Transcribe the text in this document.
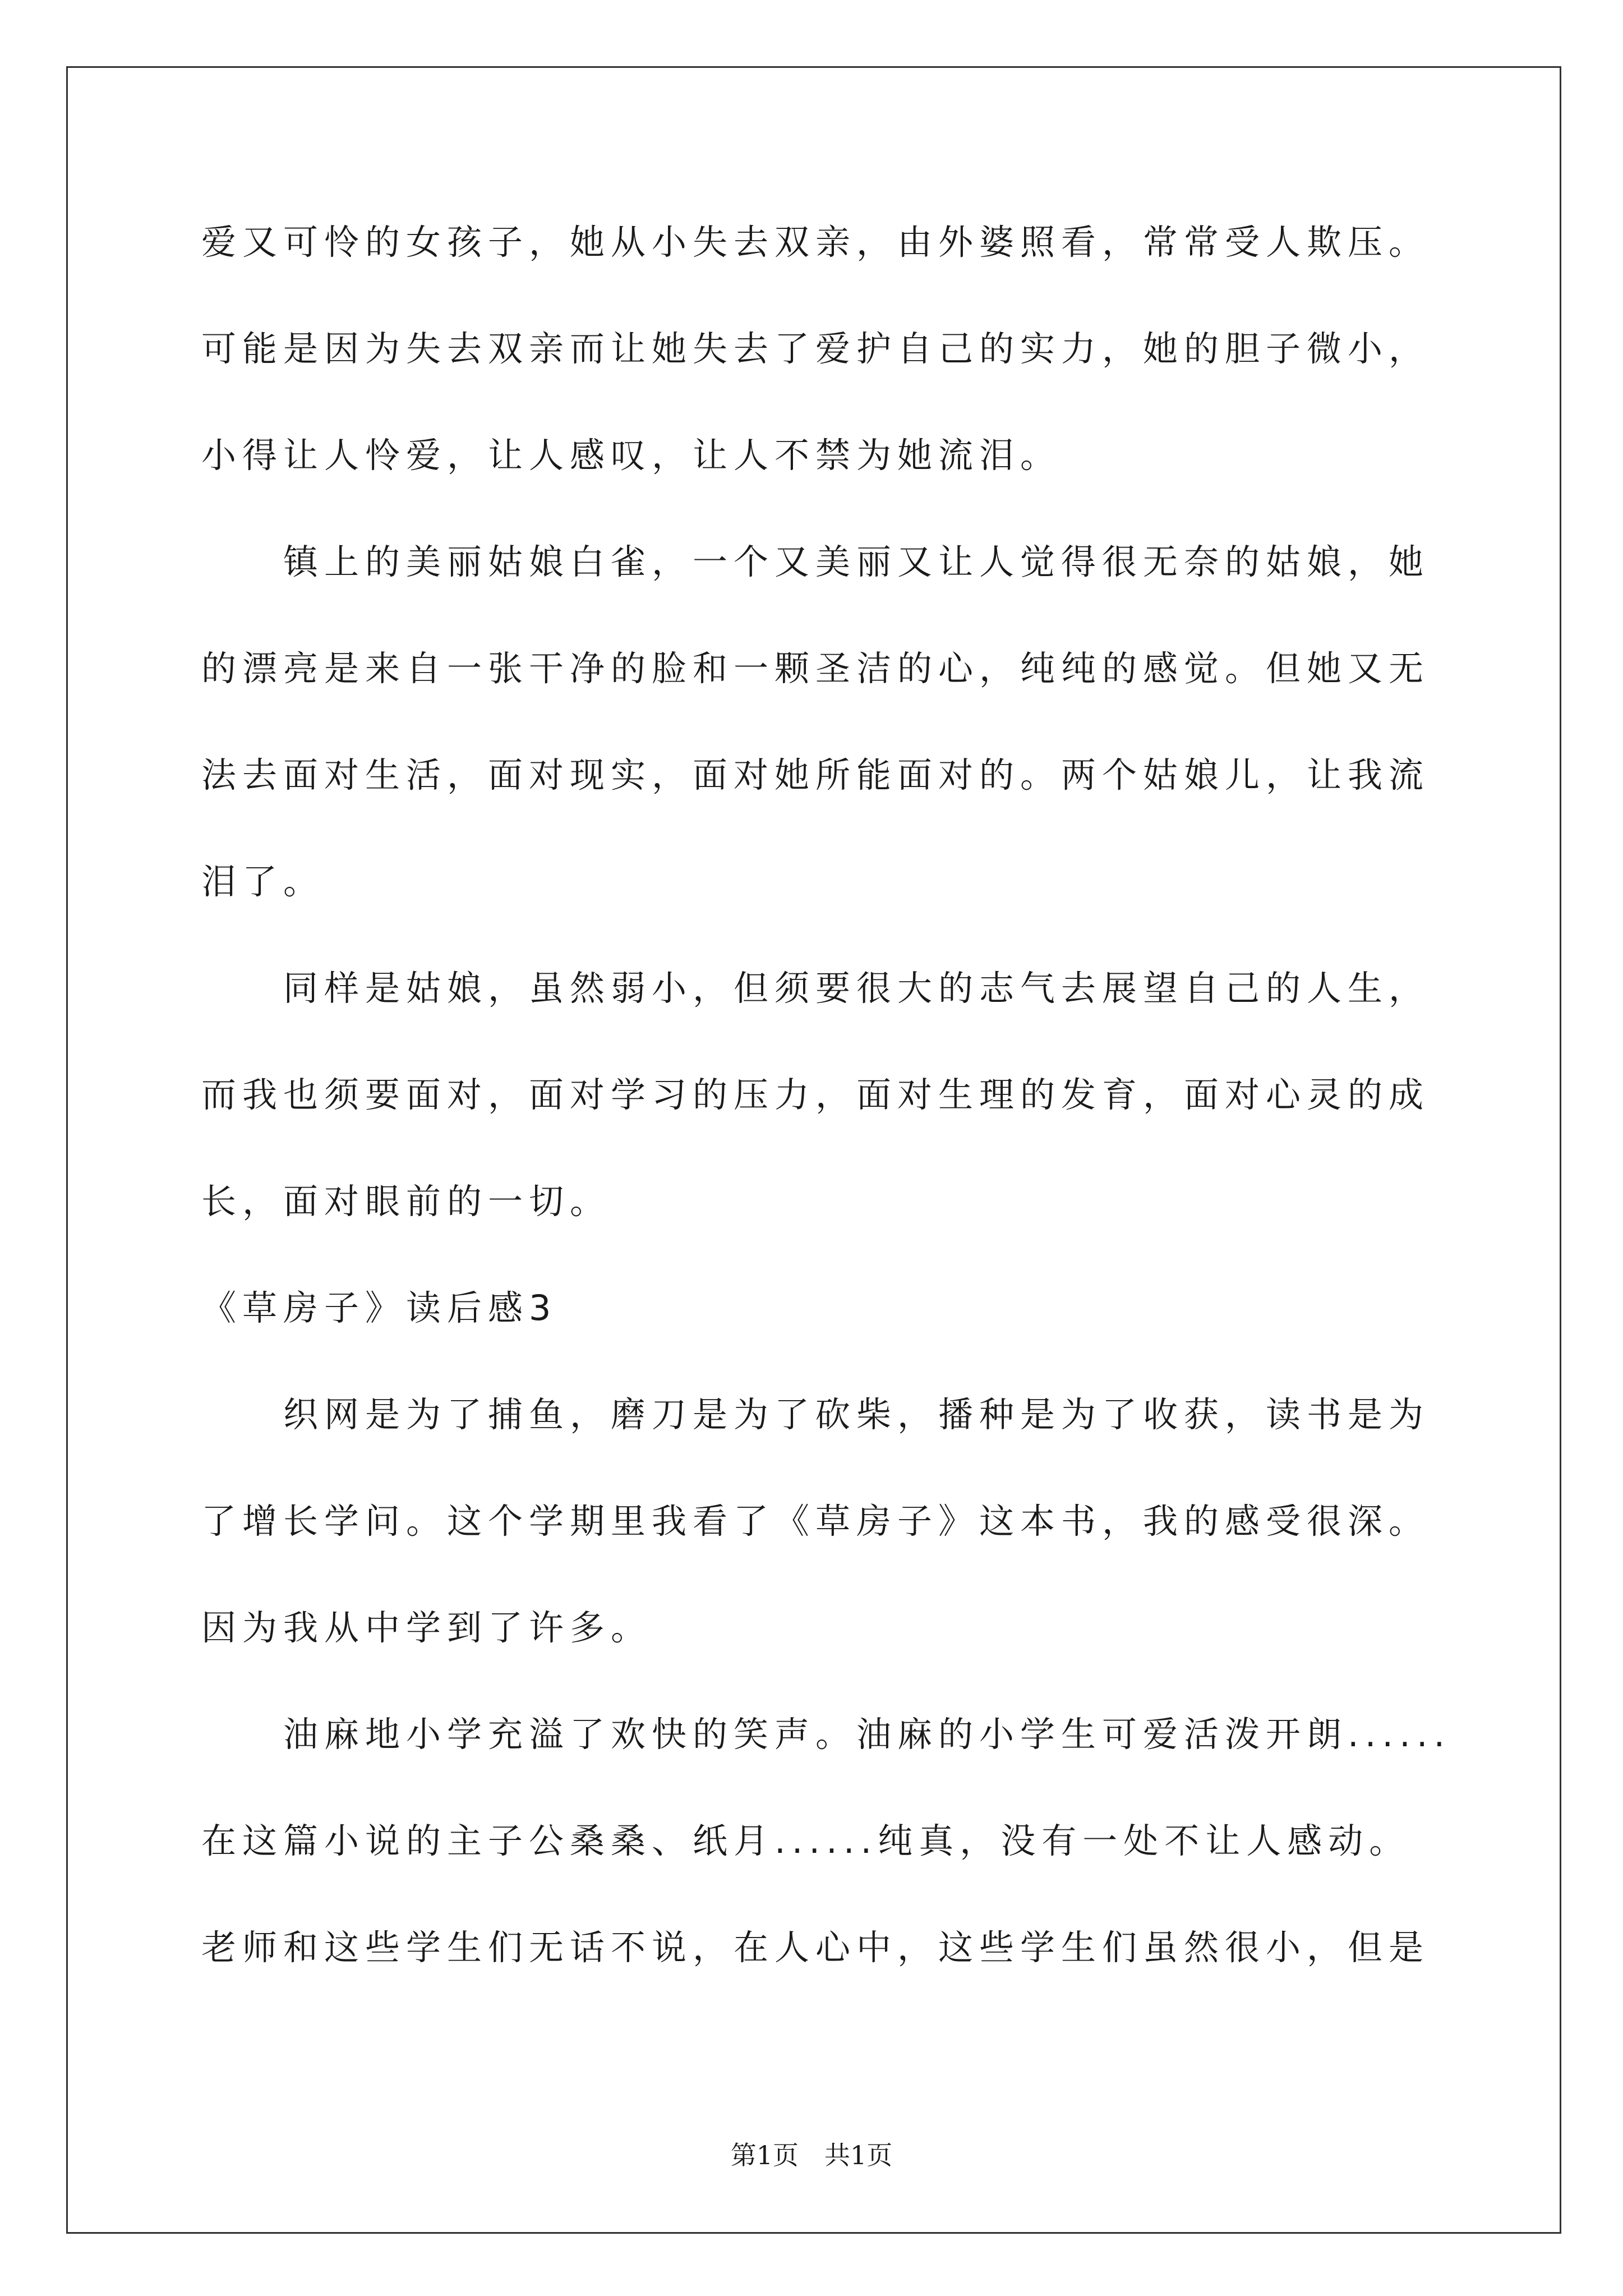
爱又可怜的女孩子，她从小失去双亲，由外婆照看，常常受人欺压。
可能是因为失去双亲而让她失去了爱护自己的实力，她的胆子微小，
小得让人怜爱，让人感叹，让人不禁为她流泪。
镇上的美丽姑娘白雀，一个又美丽又让人觉得很无奈的姑娘，她
的漂亮是来自一张干净的脸和一颗圣洁的心，纯纯的感觉。但她又无
法去面对生活，面对现实，面对她所能面对的。两个姑娘儿，让我流
泪了。
同样是姑娘，虽然弱小，但须要很大的志气去展望自己的人生，
而我也须要面对，面对学习的压力，面对生理的发育，面对心灵的成
长，面对眼前的一切。
《草房子》读后感3
织网是为了捕鱼，磨刀是为了砍柴，播种是为了收获，读书是为
了增长学问。这个学期里我看了《草房子》这本书，我的感受很深。
因为我从中学到了许多。
油麻地小学充溢了欢快的笑声。油麻的小学生可爱活泼开朗......
在这篇小说的主子公桑桑、纸月......纯真，没有一处不让人感动。
老师和这些学生们无话不说，在人心中，这些学生们虽然很小，但是
第1页　共1页
